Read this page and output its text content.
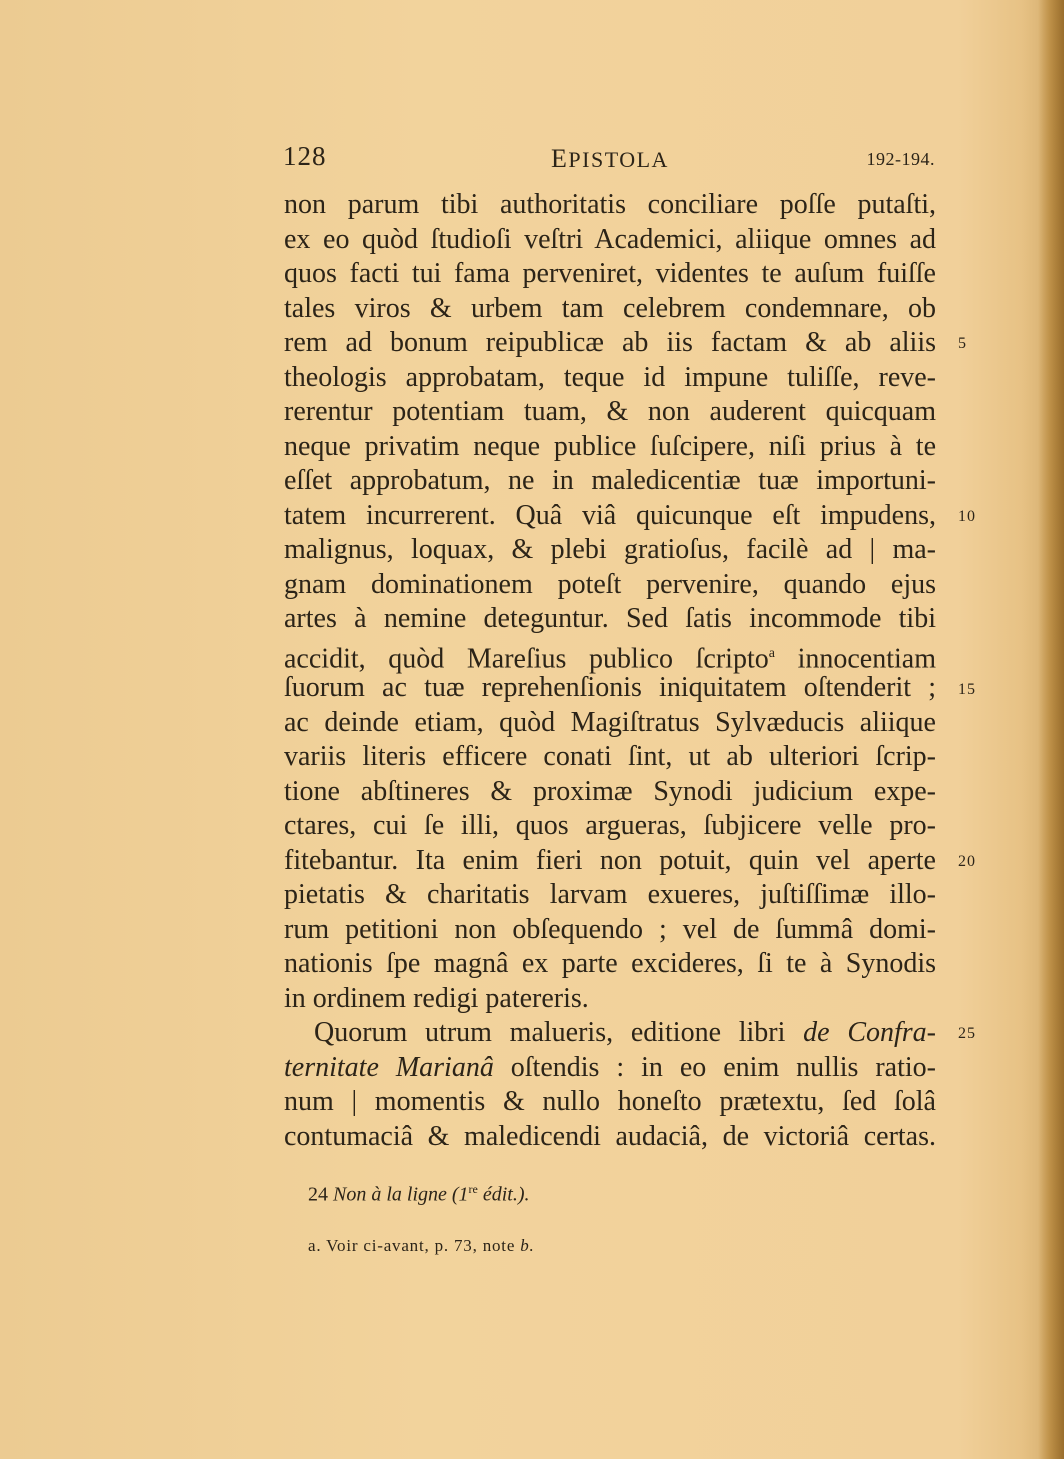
128	EPISTOLA	192-194.
non parum tibi authoritatis conciliare poſſe putaſti,
ex eo quòd ſtudioſi veſtri Academici, aliique omnes ad
quos facti tui fama perveniret, videntes te auſum fuiſſe
tales viros & urbem tam celebrem condemnare, ob
rem ad bonum reipublicæ ab iis factam & ab aliis
theologis approbatam, teque id impune tuliſſe, reve-
rerentur potentiam tuam, & non auderent quicquam
neque privatim neque publice ſuſcipere, niſi prius à te
eſſet approbatum, ne in maledicentiæ tuæ importuni-
tatem incurrerent. Quâ viâ quicunque eſt impudens,
malignus, loquax, & plebi gratioſus, facilè ad | ma-
gnam dominationem poteſt pervenire, quando ejus
artes à nemine deteguntur. Sed ſatis incommode tibi
accidit, quòd Mareſius publico ſcripto$^a$ innocentiam
ſuorum ac tuæ reprehenſionis iniquitatem oſtenderit ;
ac deinde etiam, quòd Magiſtratus Sylvæducis aliique
variis literis efficere conati ſint, ut ab ulteriori ſcrip-
tione abſtineres & proximæ Synodi judicium expe-
ctares, cui ſe illi, quos argueras, ſubjicere velle pro-
fitebantur. Ita enim fieri non potuit, quin vel aperte
pietatis & charitatis larvam exueres, juſtiſſimæ illo-
rum petitioni non obſequendo ; vel de ſummâ domi-
nationis ſpe magnâ ex parte excideres, ſi te à Synodis
in ordinem redigi patereris.
Quorum utrum malueris, editione libri de Confra-
ternitate Marianâ oſtendis : in eo enim nullis ratio-
num | momentis & nullo honeſto prætextu, ſed ſolâ
contumaciâ & maledicendi audaciâ, de victoriâ certas.
5
10
15
20
25
24 Non à la ligne (1re édit.).
a. Voir ci-avant, p. 73, note b.
